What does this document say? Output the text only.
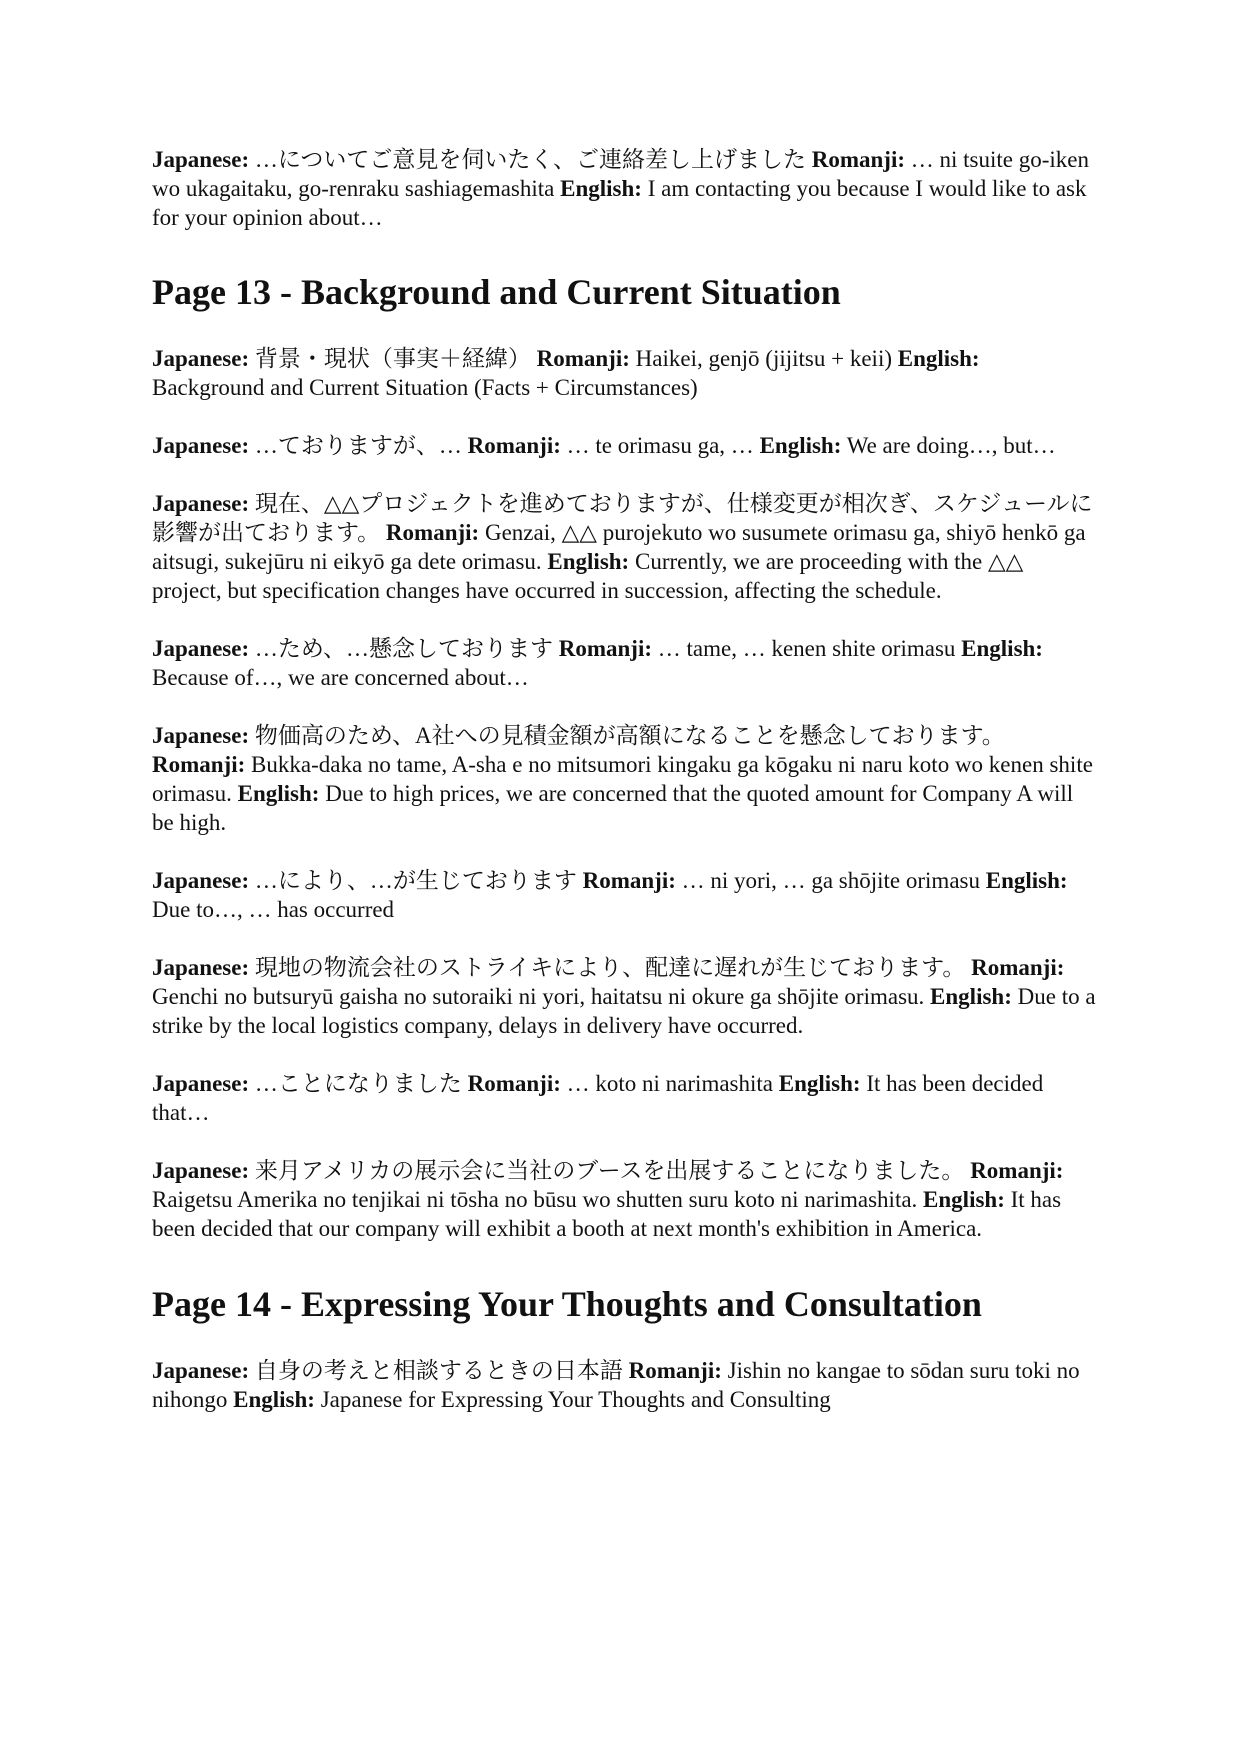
Japanese: …についてご意見を伺いたく、ご連絡差し上げました Romanji: … ni tsuite go-iken wo ukagaitaku, go-renraku sashiagemashita English: I am contacting you because I would like to ask for your opinion about…

Page 13 - Background and Current Situation

Japanese: 背景・現状（事実＋経緯） Romanji: Haikei, genjō (jijitsu + keii) English: Background and Current Situation (Facts + Circumstances)

Japanese: …ておりますが、… Romanji: … te orimasu ga, … English: We are doing…, but…

Japanese: 現在、△△プロジェクトを進めておりますが、仕様変更が相次ぎ、スケジュールに影響が出ております。 Romanji: Genzai, △△ purojekuto wo susumete orimasu ga, shiyō henkō ga aitsugi, sukejūru ni eikyō ga dete orimasu. English: Currently, we are proceeding with the △△ project, but specification changes have occurred in succession, affecting the schedule.

Japanese: …ため、…懸念しております Romanji: … tame, … kenen shite orimasu English: Because of…, we are concerned about…

Japanese: 物価高のため、A社への見積金額が高額になることを懸念しております。 Romanji: Bukka-daka no tame, A-sha e no mitsumori kingaku ga kōgaku ni naru koto wo kenen shite orimasu. English: Due to high prices, we are concerned that the quoted amount for Company A will be high.

Japanese: …により、…が生じております Romanji: … ni yori, … ga shōjite orimasu English: Due to…, … has occurred

Japanese: 現地の物流会社のストライキにより、配達に遅れが生じております。 Romanji: Genchi no butsuryū gaisha no sutoraiki ni yori, haitatsu ni okure ga shōjite orimasu. English: Due to a strike by the local logistics company, delays in delivery have occurred.

Japanese: …ことになりました Romanji: … koto ni narimashita English: It has been decided that…

Japanese: 来月アメリカの展示会に当社のブースを出展することになりました。 Romanji: Raigetsu Amerika no tenjikai ni tōsha no būsu wo shutten suru koto ni narimashita. English: It has been decided that our company will exhibit a booth at next month's exhibition in America.

Page 14 - Expressing Your Thoughts and Consultation

Japanese: 自身の考えと相談するときの日本語 Romanji: Jishin no kangae to sōdan suru toki no nihongo English: Japanese for Expressing Your Thoughts and Consulting
